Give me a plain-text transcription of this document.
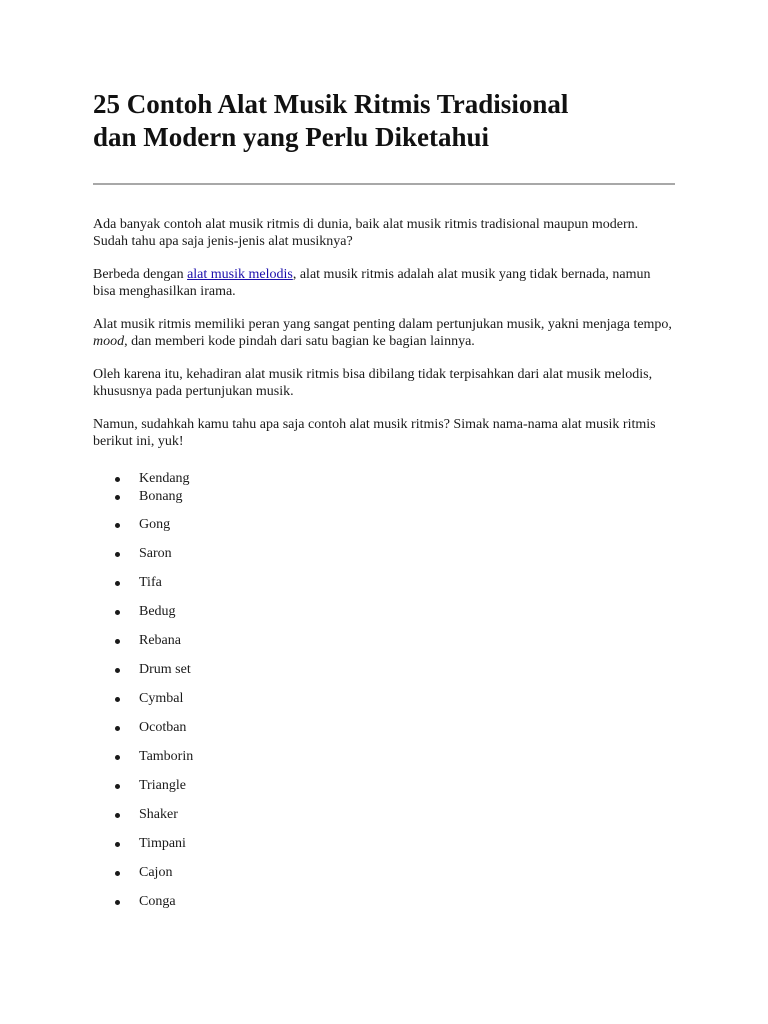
25 Contoh Alat Musik Ritmis Tradisional
dan Modern yang Perlu Diketahui

Ada banyak contoh alat musik ritmis di dunia, baik alat musik ritmis tradisional maupun modern. Sudah tahu apa saja jenis-jenis alat musiknya?

Berbeda dengan alat musik melodis, alat musik ritmis adalah alat musik yang tidak bernada, namun bisa menghasilkan irama.

Alat musik ritmis memiliki peran yang sangat penting dalam pertunjukan musik, yakni menjaga tempo, mood, dan memberi kode pindah dari satu bagian ke bagian lainnya.

Oleh karena itu, kehadiran alat musik ritmis bisa dibilang tidak terpisahkan dari alat musik melodis, khususnya pada pertunjukan musik.

Namun, sudahkah kamu tahu apa saja contoh alat musik ritmis? Simak nama-nama alat musik ritmis berikut ini, yuk!

Kendang
Bonang
Gong
Saron
Tifa
Bedug
Rebana
Drum set
Cymbal
Ocotban
Tamborin
Triangle
Shaker
Timpani
Cajon
Conga
